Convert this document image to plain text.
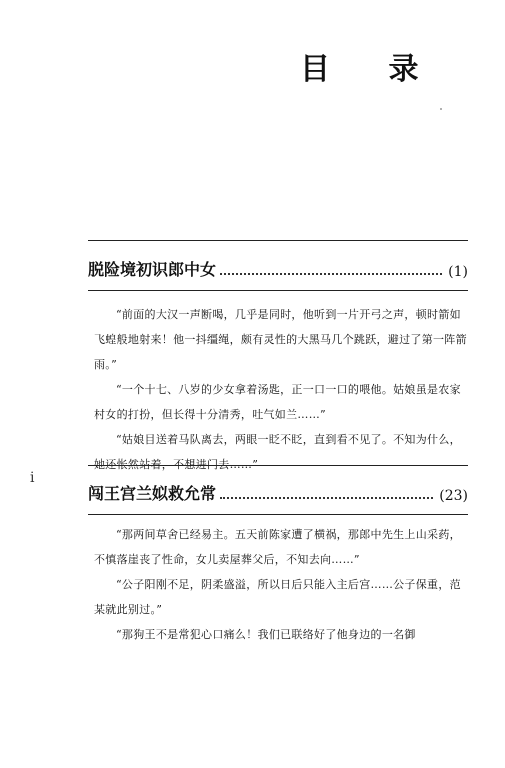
目 录
脱险境初识郎中女	(1)

“前面的大汉一声断喝，几乎是同时，他听到一片开弓之声，顿时箭如飞蝗般地射来！他一抖缰绳，颇有灵性的大黑马几个跳跃，避过了第一阵箭雨。”

“一个十七、八岁的少女拿着汤匙，正一口一口的喂他。姑娘虽是农家村女的打扮，但长得十分清秀，吐气如兰……”

“姑娘目送着马队离去，两眼一眨不眨，直到看不见了。不知为什么，她还怅然站着，不想进门去……”

i
闯王宫兰姒救允常	(23)

“那两间草舍已经易主。五天前陈家遭了横祸，那郎中先生上山采药，不慎落崖丧了性命，女儿卖屋葬父后，不知去向……”

“公子阳刚不足，阴柔盛溢，所以日后只能入主后宫……公子保重，范某就此别过。”

“那狗王不是常犯心口痛么！我们已联络好了他身边的一名御
